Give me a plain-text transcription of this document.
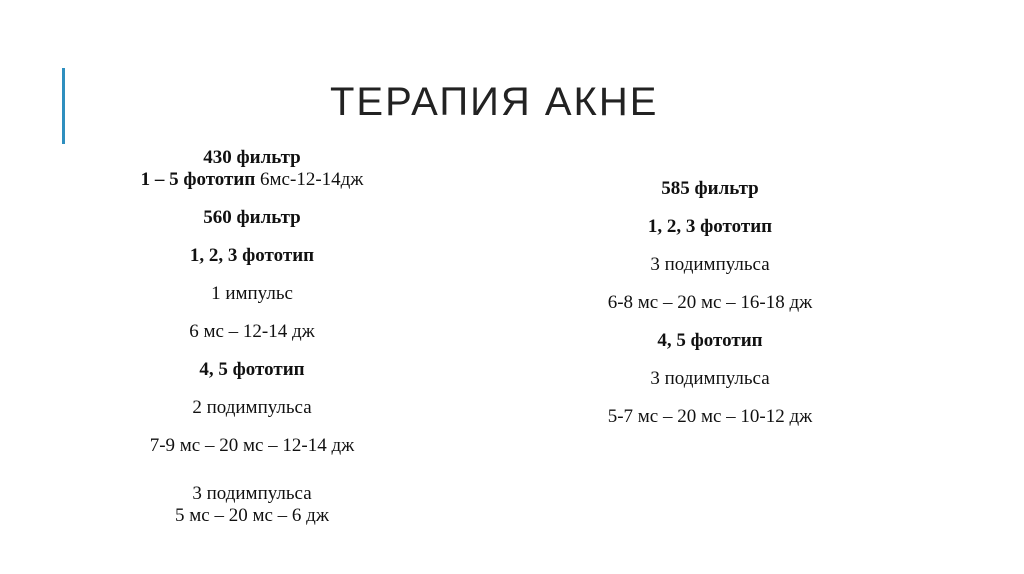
ТЕРАПИЯ АКНЕ
430 фильтр
1 – 5 фототип 6мс-12-14дж
560 фильтр
1, 2, 3 фототип
1 импульс
6 мс – 12-14 дж
4, 5 фототип
2 подимпульса
7-9 мс – 20 мс – 12-14 дж
3 подимпульса
5 мс – 20 мс – 6 дж
585 фильтр
1, 2, 3 фототип
3 подимпульса
6-8 мс – 20 мс – 16-18 дж
4, 5 фототип
3 подимпульса
5-7 мс – 20 мс – 10-12 дж
